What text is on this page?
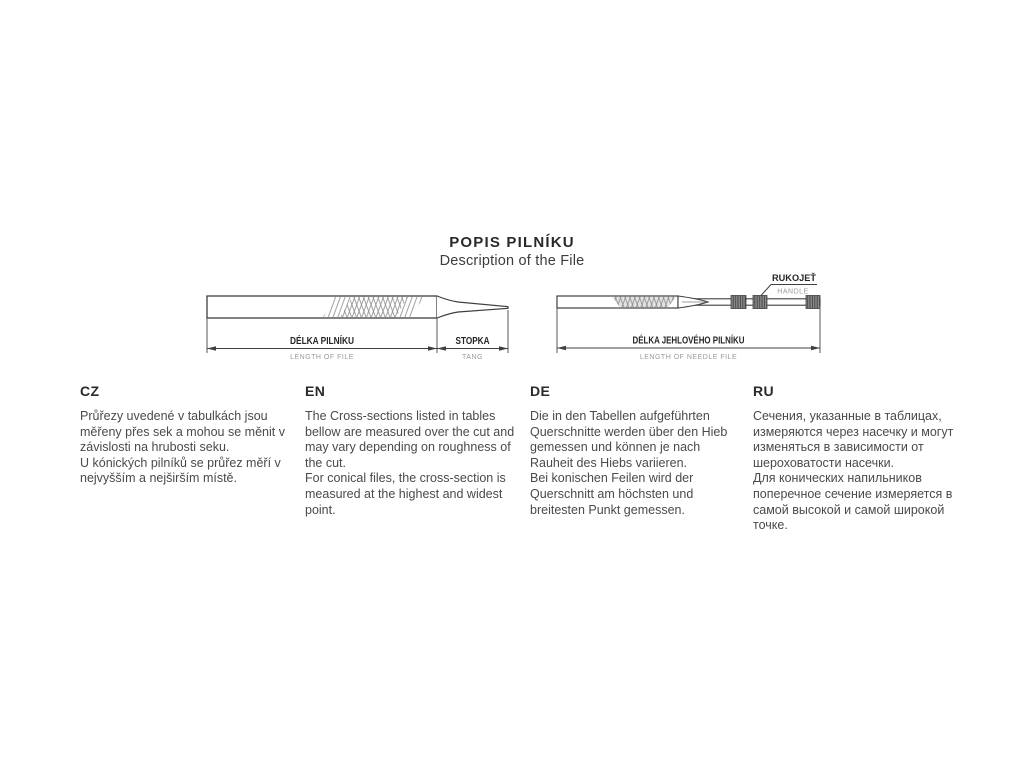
POPIS PILNÍKU
Description of the File
DÉLKA PILNÍKU
LENGTH OF FILE
STOPKA
TANG
RUKOJEŤ
HANDLE
DÉLKA JEHLOVÉHO PILNÍKU
LENGTH OF NEEDLE FILE
CZ

Průřezy uvedené v tabulkách jsou měřeny přes sek a mohou se měnit v závislosti na hrubosti seku.

U kónických pilníků se průřez měří v nejvyšším a nejširším místě.

EN

The Cross-sections listed in tables bellow are measured over the cut and may vary depending on roughness of the cut.

For conical files, the cross-section is measured at the highest and widest point.

DE

Die in den Tabellen aufgeführten Querschnitte werden über den Hieb gemessen und können je nach Rauheit des Hiebs variieren.

Bei konischen Feilen wird der Querschnitt am höchsten und breitesten Punkt gemessen.

RU

Сечения, указанные в таблицах, измеряются через насечку и могут изменяться в зависимости от шероховатости насечки.

Для конических напильников поперечное сечение измеряется в самой высокой и самой широкой точке.
